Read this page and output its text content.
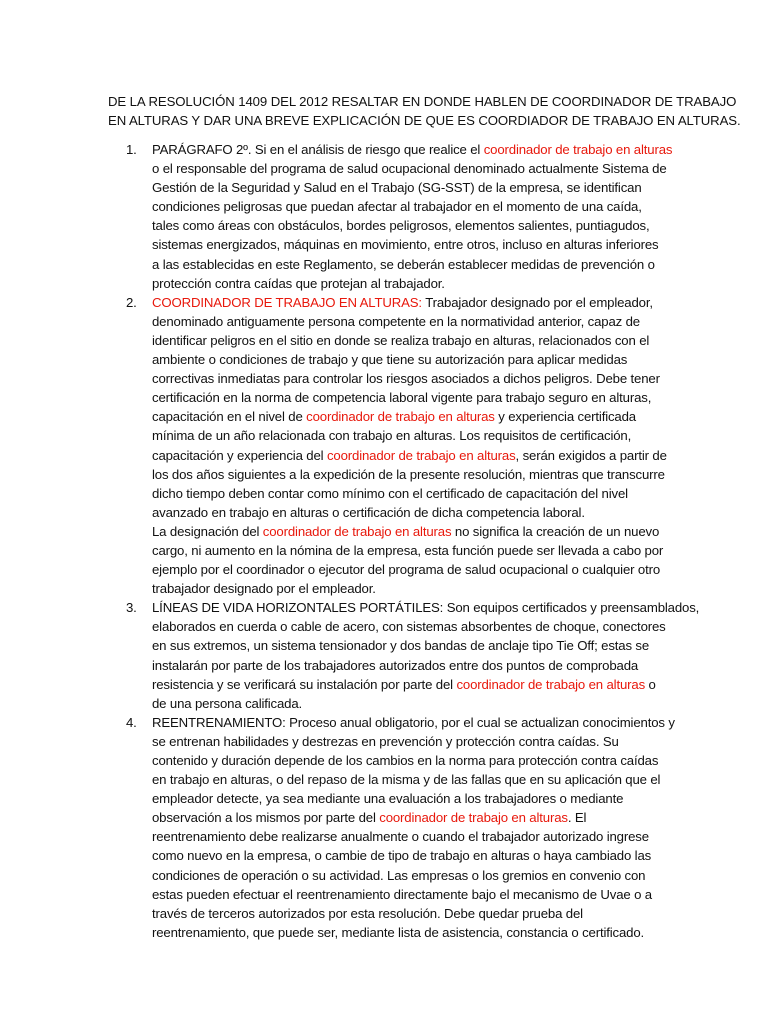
DE LA RESOLUCIÓN 1409 DEL 2012 RESALTAR EN DONDE HABLEN DE COORDINADOR DE TRABAJO
EN ALTURAS Y DAR UNA BREVE EXPLICACIÓN DE QUE ES COORDIADOR DE TRABAJO EN ALTURAS.
1. PARÁGRAFO 2º. Si en el análisis de riesgo que realice el coordinador de trabajo en alturas
o el responsable del programa de salud ocupacional denominado actualmente Sistema de
Gestión de la Seguridad y Salud en el Trabajo (SG-SST) de la empresa, se identifican
condiciones peligrosas que puedan afectar al trabajador en el momento de una caída,
tales como áreas con obstáculos, bordes peligrosos, elementos salientes, puntiagudos,
sistemas energizados, máquinas en movimiento, entre otros, incluso en alturas inferiores
a las establecidas en este Reglamento, se deberán establecer medidas de prevención o
protección contra caídas que protejan al trabajador.
2. COORDINADOR DE TRABAJO EN ALTURAS: Trabajador designado por el empleador,
denominado antiguamente persona competente en la normatividad anterior, capaz de
identificar peligros en el sitio en donde se realiza trabajo en alturas, relacionados con el
ambiente o condiciones de trabajo y que tiene su autorización para aplicar medidas
correctivas inmediatas para controlar los riesgos asociados a dichos peligros. Debe tener
certificación en la norma de competencia laboral vigente para trabajo seguro en alturas,
capacitación en el nivel de coordinador de trabajo en alturas y experiencia certificada
mínima de un año relacionada con trabajo en alturas. Los requisitos de certificación,
capacitación y experiencia del coordinador de trabajo en alturas, serán exigidos a partir de
los dos años siguientes a la expedición de la presente resolución, mientras que transcurre
dicho tiempo deben contar como mínimo con el certificado de capacitación del nivel
avanzado en trabajo en alturas o certificación de dicha competencia laboral.
La designación del coordinador de trabajo en alturas no significa la creación de un nuevo
cargo, ni aumento en la nómina de la empresa, esta función puede ser llevada a cabo por
ejemplo por el coordinador o ejecutor del programa de salud ocupacional o cualquier otro
trabajador designado por el empleador.
3. LÍNEAS DE VIDA HORIZONTALES PORTÁTILES: Son equipos certificados y preensamblados,
elaborados en cuerda o cable de acero, con sistemas absorbentes de choque, conectores
en sus extremos, un sistema tensionador y dos bandas de anclaje tipo Tie Off; estas se
instalarán por parte de los trabajadores autorizados entre dos puntos de comprobada
resistencia y se verificará su instalación por parte del coordinador de trabajo en alturas o
de una persona calificada.
4. REENTRENAMIENTO: Proceso anual obligatorio, por el cual se actualizan conocimientos y
se entrenan habilidades y destrezas en prevención y protección contra caídas. Su
contenido y duración depende de los cambios en la norma para protección contra caídas
en trabajo en alturas, o del repaso de la misma y de las fallas que en su aplicación que el
empleador detecte, ya sea mediante una evaluación a los trabajadores o mediante
observación a los mismos por parte del coordinador de trabajo en alturas. El
reentrenamiento debe realizarse anualmente o cuando el trabajador autorizado ingrese
como nuevo en la empresa, o cambie de tipo de trabajo en alturas o haya cambiado las
condiciones de operación o su actividad. Las empresas o los gremios en convenio con
estas pueden efectuar el reentrenamiento directamente bajo el mecanismo de Uvae o a
través de terceros autorizados por esta resolución. Debe quedar prueba del
reentrenamiento, que puede ser, mediante lista de asistencia, constancia o certificado.
